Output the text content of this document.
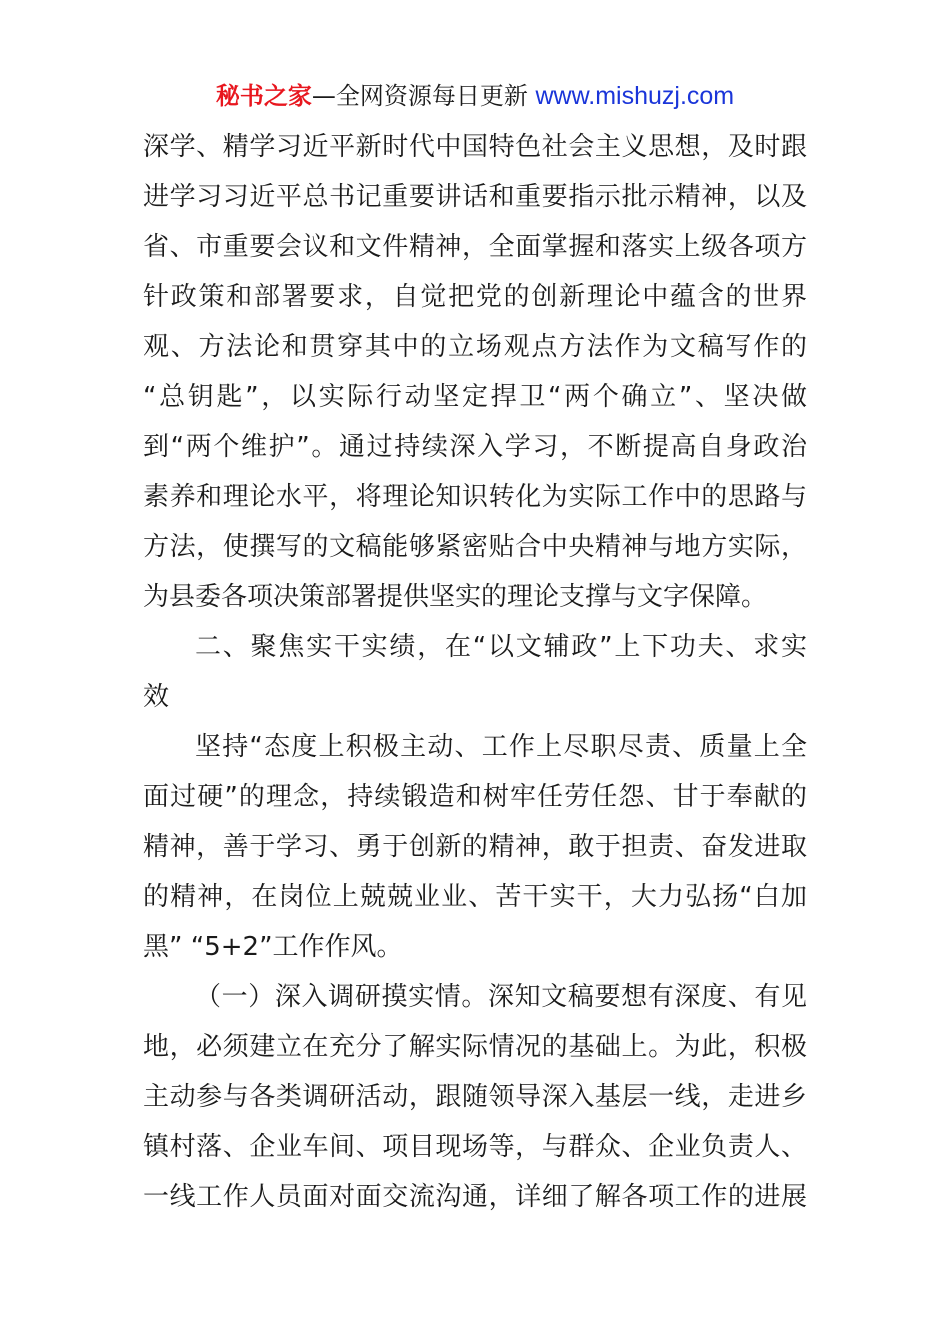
秘书之家—全网资源每日更新 www.mishuzj.com
深学、精学习近平新时代中国特色社会主义思想，及时跟
进学习习近平总书记重要讲话和重要指示批示精神，以及
省、市重要会议和文件精神，全面掌握和落实上级各项方
针政策和部署要求，自觉把党的创新理论中蕴含的世界
观、方法论和贯穿其中的立场观点方法作为文稿写作的
“总钥匙”，以实际行动坚定捍卫“两个确立”、坚决做
到“两个维护”。通过持续深入学习，不断提高自身政治
素养和理论水平，将理论知识转化为实际工作中的思路与
方法，使撰写的文稿能够紧密贴合中央精神与地方实际，
为县委各项决策部署提供坚实的理论支撑与文字保障。
二、聚焦实干实绩，在“以文辅政”上下功夫、求实
效
坚持“态度上积极主动、工作上尽职尽责、质量上全
面过硬”的理念，持续锻造和树牢任劳任怨、甘于奉献的
精神，善于学习、勇于创新的精神，敢于担责、奋发进取
的精神，在岗位上兢兢业业、苦干实干，大力弘扬“白加
黑” “5+2”工作作风。
（一）深入调研摸实情。深知文稿要想有深度、有见
地，必须建立在充分了解实际情况的基础上。为此，积极
主动参与各类调研活动，跟随领导深入基层一线，走进乡
镇村落、企业车间、项目现场等，与群众、企业负责人、
一线工作人员面对面交流沟通，详细了解各项工作的进展
